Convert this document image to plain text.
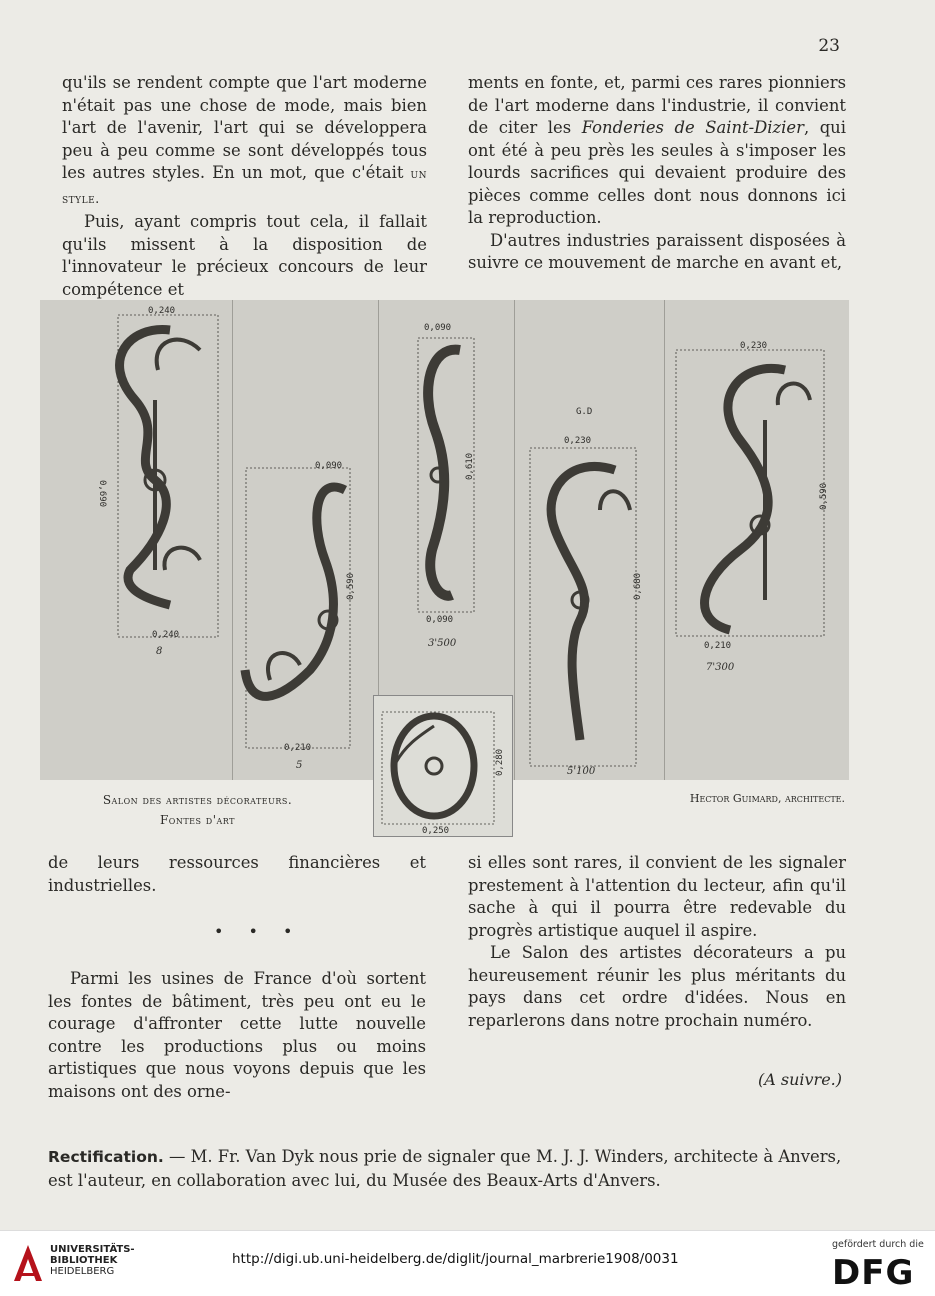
23

qu'ils se rendent compte que l'art moderne n'était pas une chose de mode, mais bien l'art de l'avenir, l'art qui se développera peu à peu comme se sont développés tous les autres styles. En un mot, que c'était un style.

Puis, ayant compris tout cela, il fallait qu'ils missent à la disposition de l'innovateur le précieux concours de leur compétence et

ments en fonte, et, parmi ces rares pionniers de l'art moderne dans l'industrie, il convient de citer les Fonderies de Saint-Dizier, qui ont été à peu près les seules à s'imposer les lourds sacrifices qui devaient produire des pièces comme celles dont nous donnons ici la reproduction.

D'autres industries paraissent disposées à suivre ce mouvement de marche en avant et,

0,240
0,690
0,240
8
0,090
0,590
0,210
5
0,090
0,610
0,090
3'500
0,230
0,680
5'100
G.D
0,230
0,590
0,210
7'300
0,280
0,250
Salon des artistes décorateurs.
Fontes d'art
Hector Guimard, architecte.

de leurs ressources financières et industrielles.

• • •

Parmi les usines de France d'où sortent les fontes de bâtiment, très peu ont eu le courage d'affronter cette lutte nouvelle contre les productions plus ou moins artistiques que nous voyons depuis que les maisons ont des orne-

si elles sont rares, il convient de les signaler prestement à l'attention du lecteur, afin qu'il sache à qui il pourra être redevable du progrès artistique auquel il aspire.

Le Salon des artistes décorateurs a pu heureusement réunir les plus méritants du pays dans cet ordre d'idées. Nous en reparlerons dans notre prochain numéro.

(A suivre.)
Rectification. — M. Fr. Van Dyk nous prie de signaler que M. J. J. Winders, architecte à Anvers, est l'auteur, en collaboration avec lui, du Musée des Beaux-Arts d'Anvers.
UNIVERSITÄTS-
BIBLIOTHEK
HEIDELBERG
http://digi.ub.uni-heidelberg.de/diglit/journal_marbrerie1908/0031
gefördert durch die
DFG
